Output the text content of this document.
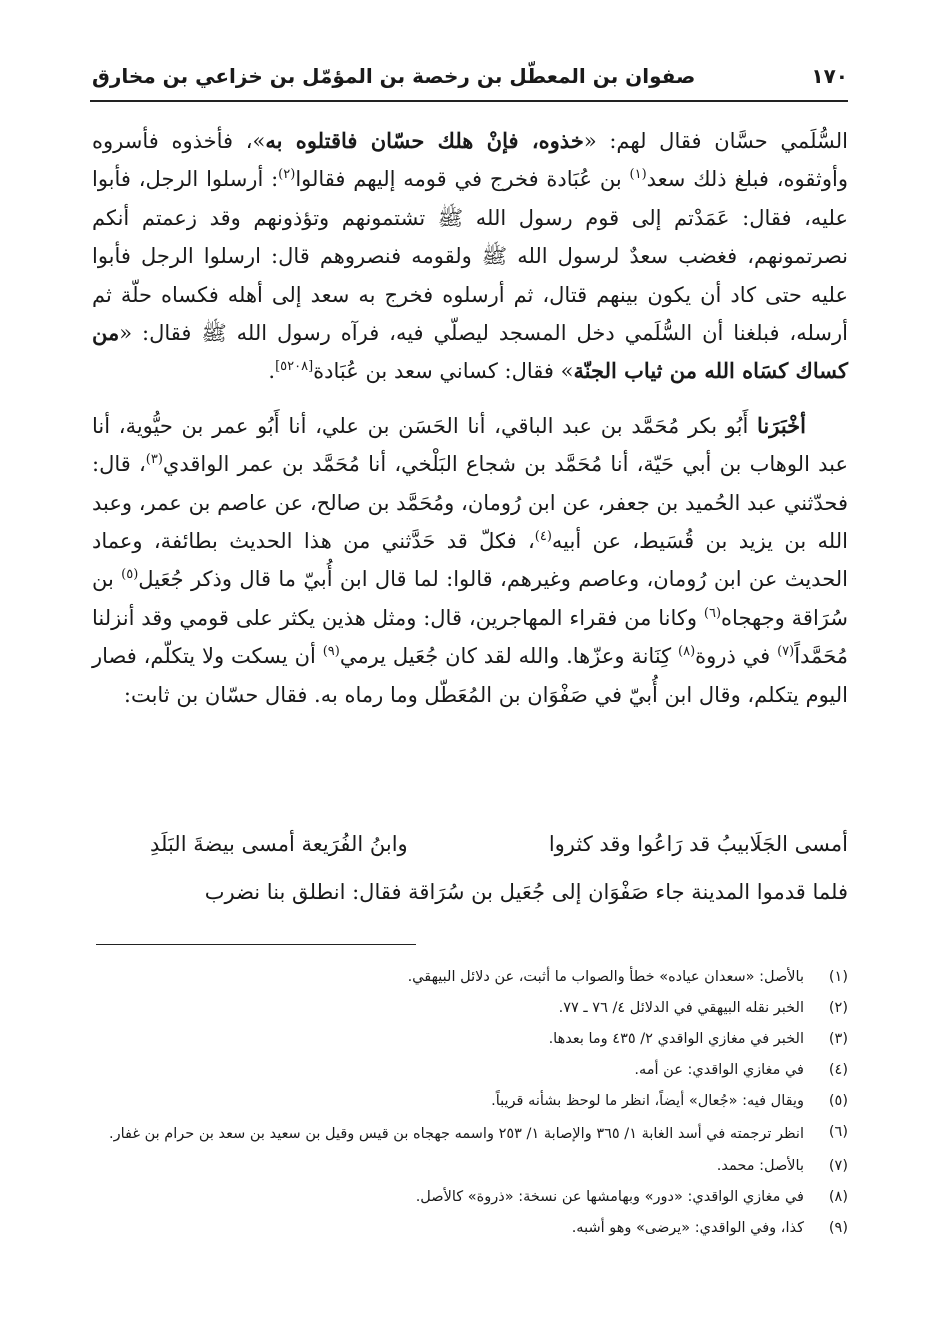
١٧٠
صفوان بن المعطّل بن رخصة بن المؤمّل بن خزاعي بن مخارق

السُّلَمي حسَّان فقال لهم: «خذوه، فإنْ هلك حسّان فاقتلوه به»، فأخذوه فأسروه وأوثقوه، فبلغ ذلك سعد$^{(١)}$ بن عُبَادة فخرج في قومه إليهم فقالوا$^{(٢)}$: أرسلوا الرجل، فأبوا عليه، فقال: عَمَدْتم إلى قوم رسول الله ﷺ تشتمونهم وتؤذونهم وقد زعمتم أنكم نصرتمونهم، فغضب سعدٌ لرسول الله ﷺ ولقومه فنصروهم قال: ارسلوا الرجل فأبوا عليه حتى كاد أن يكون بينهم قتال، ثم أرسلوه فخرج به سعد إلى أهله فكساه حلّة ثم أرسله، فبلغنا أن السُّلَمي دخل المسجد ليصلّي فيه، فرآه رسول الله ﷺ فقال: «من كساك كسَاه الله من ثياب الجنّة» فقال: كساني سعد بن عُبَادة[٥٢٠٨].

أخْبَرَنا أَبُو بكر مُحَمَّد بن عبد الباقي، أنا الحَسَن بن علي، أنا أَبُو عمر بن حيُّوية، أنا عبد الوهاب بن أبي حَيّة، أنا مُحَمَّد بن شجاع البَلْخي، أنا مُحَمَّد بن عمر الواقدي$^{(٣)}$، قال: فحدّثني عبد الحُميد بن جعفر، عن ابن رُومان، ومُحَمَّد بن صالح، عن عاصم بن عمر، وعبد الله بن يزيد بن قُسَيط، عن أبيه$^{(٤)}$، فكلّ قد حَدَّثني من هذا الحديث بطائفة، وعماد الحديث عن ابن رُومان، وعاصم وغيرهم، قالوا: لما قال ابن أُبيّ ما قال وذكر جُعَيل$^{(٥)}$ بن سُرَاقة وجهجاه$^{(٦)}$ وكانا من فقراء المهاجرين، قال: ومثل هذين يكثر على قومي وقد أنزلنا مُحَمَّداً$^{(٧)}$ في ذروة$^{(٨)}$ كِنَانة وعزّها. والله لقد كان جُعَيل يرمي$^{(٩)}$ أن يسكت ولا يتكلّم، فصار اليوم يتكلم، وقال ابن أُبيّ في صَفْوَان بن المُعَطّل وما رماه به. فقال حسّان بن ثابت:

أمسى الجَلَابيبُ قد رَاعُوا وقد كثروا
وابنُ الفُرَيعة أمسى بيضةَ البَلَدِ
فلما قدموا المدينة جاء صَفْوَان إلى جُعَيل بن سُرَاقة فقال: انطلق بنا نضرب
(١)
بالأصل: «سعدان عياده» خطأ والصواب ما أثبت، عن دلائل البيهقي.
(٢)
الخبر نقله البيهقي في الدلائل ٤/ ٧٦ ـ ٧٧.
(٣)
الخبر في مغازي الواقدي ٢/ ٤٣٥ وما بعدها.
(٤)
في مغازي الواقدي: عن أمه.
(٥)
ويقال فيه: «جُعال» أيضاً، انظر ما لوحظ بشأنه قريباً.
(٦)
انظر ترجمته في أسد الغابة ١/ ٣٦٥ والإصابة ١/ ٢٥٣ واسمه جهجاه بن قيس وقيل بن سعيد بن سعد بن حرام بن غفار.
(٧)
بالأصل: محمد.
(٨)
في مغازي الواقدي: «دور» وبهامشها عن نسخة: «ذروة» كالأصل.
(٩)
كذا، وفي الواقدي: «يرضى» وهو أشبه.
